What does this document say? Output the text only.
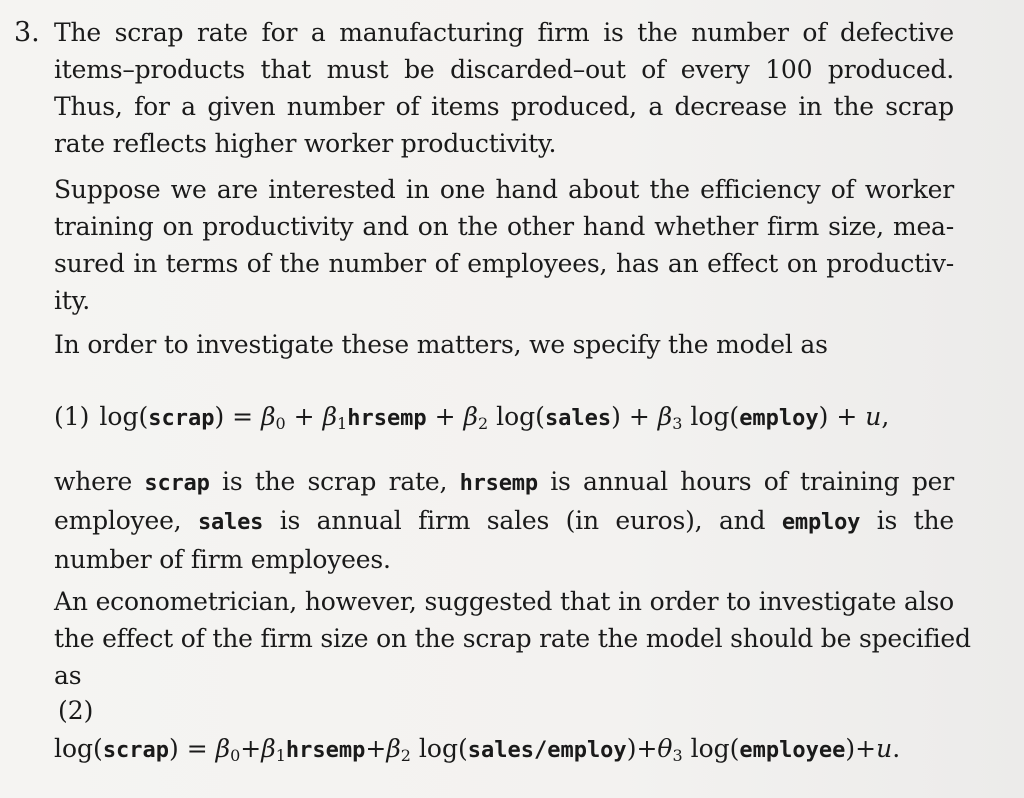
3. The scrap rate for a manufacturing firm is the number of defective
items–products that must be discarded–out of every 100 produced.
Thus, for a given number of items produced, a decrease in the scrap
rate reflects higher worker productivity.
Suppose we are interested in one hand about the efficiency of worker
training on productivity and on the other hand whether firm size, mea-
sured in terms of the number of employees, has an effect on productiv-
ity.
In order to investigate these matters, we specify the model as
(1) log(scrap) = $\beta_0$ + $\beta_1hrsemp + \beta_2$ log(sales) + $\beta_3$ log(employ) + u,
where scrap is the scrap rate, hrsemp is annual hours of training per
employee, sales is annual firm sales (in euros), and employ is the
number of firm employees.
An econometrician, however, suggested that in order to investigate also
the effect of the firm size on the scrap rate the model should be specified
as
(2)
log(scrap) = $\beta_0+\beta_1hrsemp+\beta_2$ $\log(sales/employ)+\theta_3$ log(employee)+u.
